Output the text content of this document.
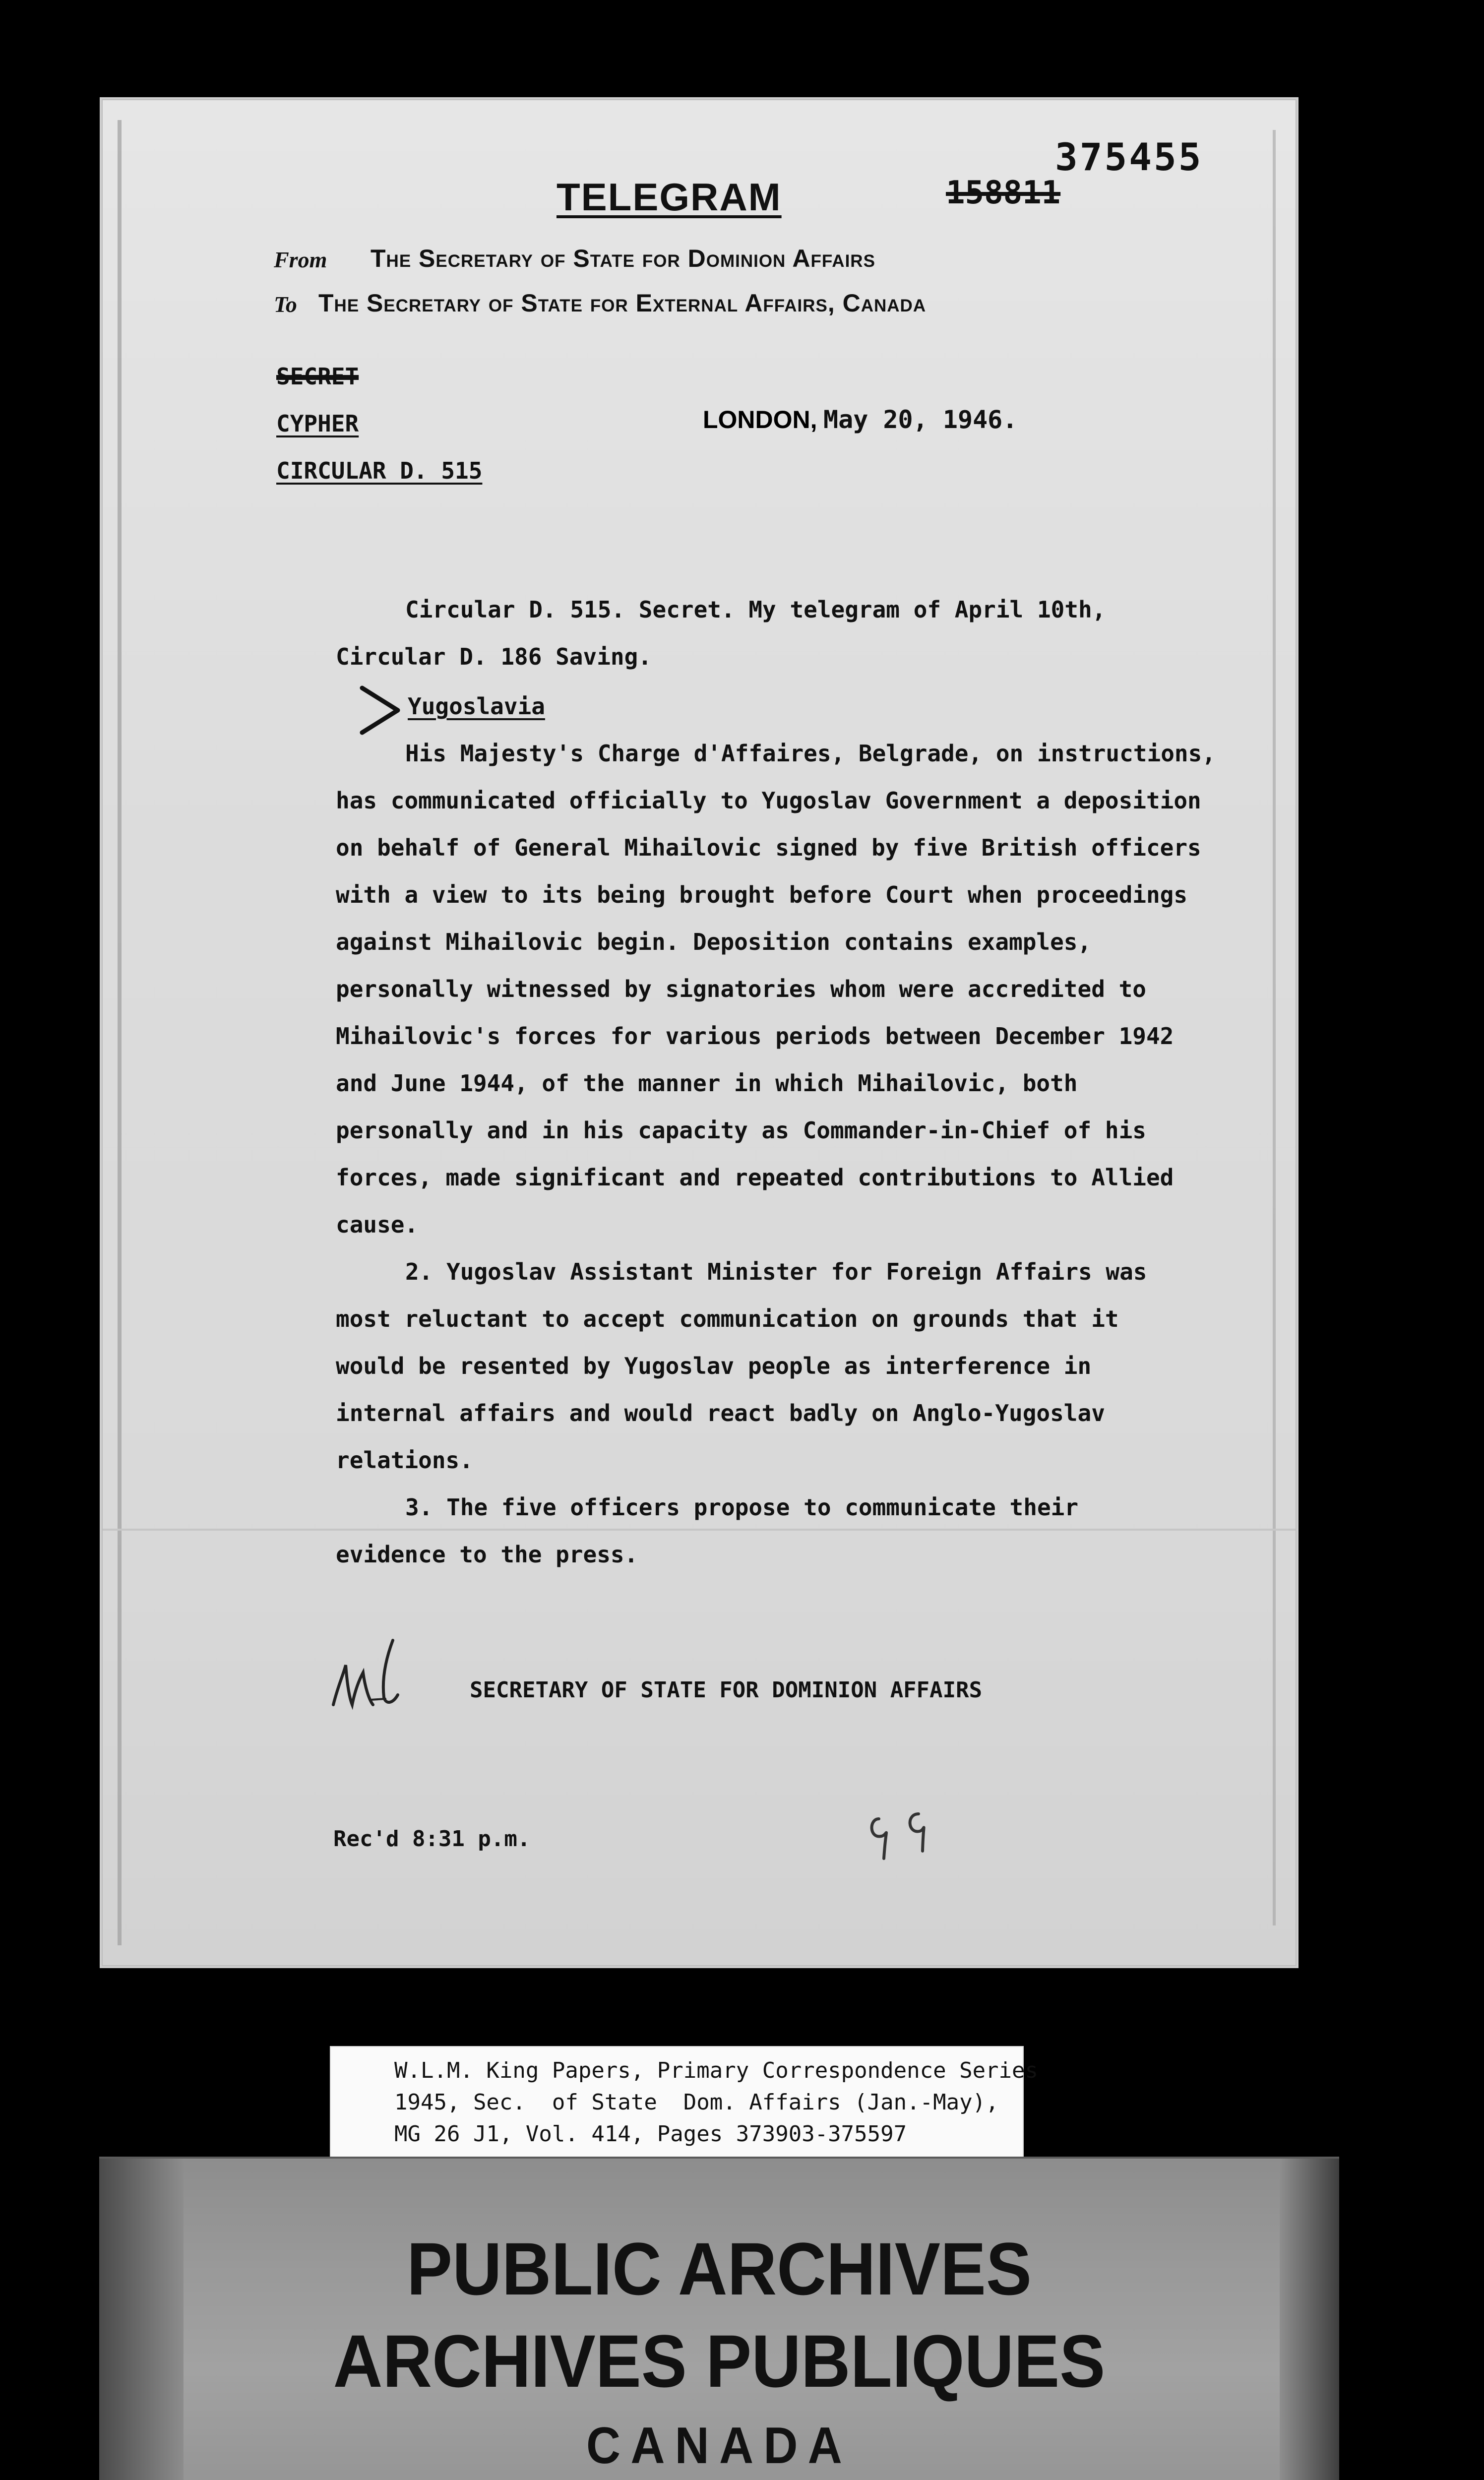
375455
158811
TELEGRAM
From The Secretary of State for Dominion Affairs
To The Secretary of State for External Affairs, Canada
SECRET
CYPHER
CIRCULAR D. 515
LONDON, May 20, 1946.
Circular D. 515. Secret. My telegram of April 10th,
Circular D. 186 Saving.
Yugoslavia
His Majesty's Charge d'Affaires, Belgrade, on instructions,
has communicated officially to Yugoslav Government a deposition
on behalf of General Mihailovic signed by five British officers
with a view to its being brought before Court when proceedings
against Mihailovic begin. Deposition contains examples,
personally witnessed by signatories whom were accredited to
Mihailovic's forces for various periods between December 1942
and June 1944, of the manner in which Mihailovic, both
personally and in his capacity as Commander-in-Chief of his
forces, made significant and repeated contributions to Allied
cause.
2. Yugoslav Assistant Minister for Foreign Affairs was
most reluctant to accept communication on grounds that it
would be resented by Yugoslav people as interference in
internal affairs and would react badly on Anglo-Yugoslav
relations.
3. The five officers propose to communicate their
evidence to the press.
SECRETARY OF STATE FOR DOMINION AFFAIRS
Rec'd 8:31 p.m.
W.L.M. King Papers, Primary Correspondence Series
1945, Sec.  of State  Dom. Affairs (Jan.-May),
MG 26 J1, Vol. 414, Pages 373903-375597
PUBLIC ARCHIVES
ARCHIVES PUBLIQUES
CANADA
